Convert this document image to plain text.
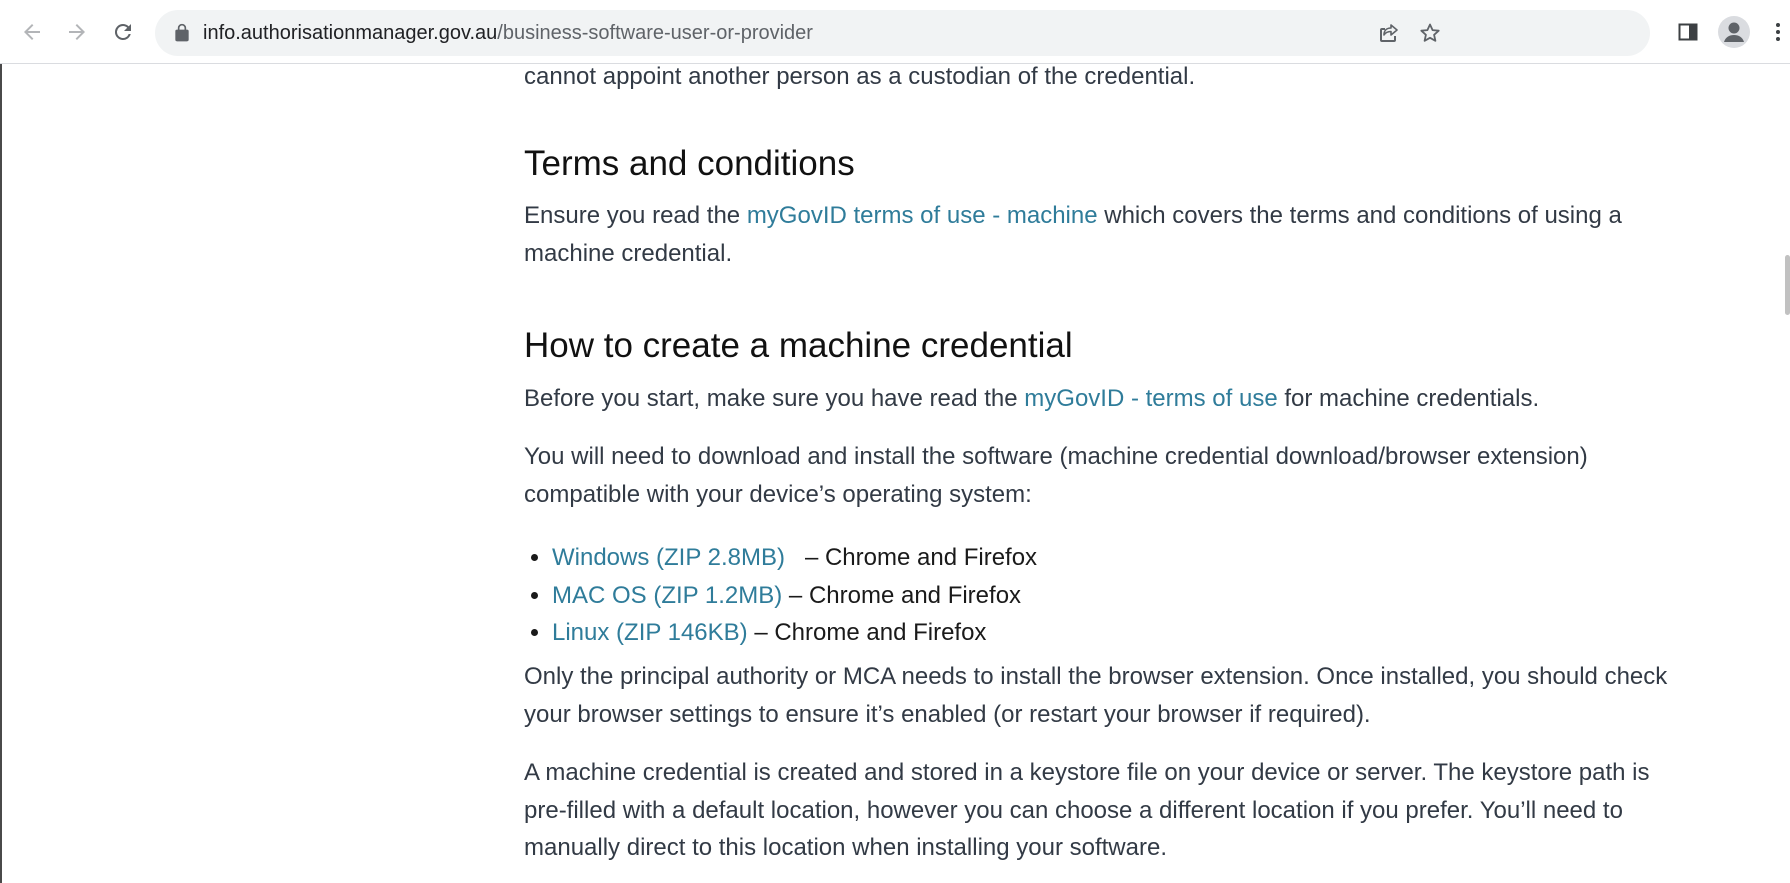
info.authorisationmanager.gov.au/business-software-user-or-provider
cannot appoint another person as a custodian of the credential.
Terms and conditions

Ensure you read the myGovID terms of use - machine which covers the terms and conditions of using a machine credential.

How to create a machine credential

Before you start, make sure you have read the myGovID - terms of use for machine credentials.

You will need to download and install the software (machine credential download/browser extension) compatible with your device’s operating system:

• Windows (ZIP 2.8MB)   – Chrome and Firefox
• MAC OS (ZIP 1.2MB) – Chrome and Firefox
• Linux (ZIP 146KB) – Chrome and Firefox

Only the principal authority or MCA needs to install the browser extension. Once installed, you should check your browser settings to ensure it’s enabled (or restart your browser if required).

A machine credential is created and stored in a keystore file on your device or server. The keystore path is pre-filled with a default location, however you can choose a different location if you prefer. You’ll need to manually direct to this location when installing your software.
